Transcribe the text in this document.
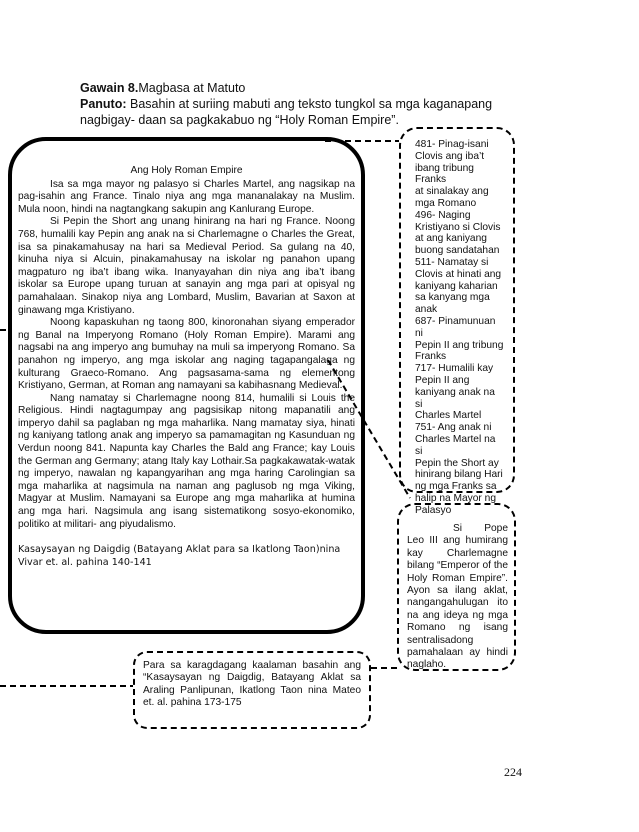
Gawain 8.Magbasa at Matuto
Panuto: Basahin at suriing mabuti ang teksto tungkol sa mga kaganapang
nagbigay- daan sa pagkakabuo ng “Holy Roman Empire”.
Ang Holy Roman Empire

Isa sa mga mayor ng palasyo si Charles Martel, ang nagsikap na pag-isahin ang France. Tinalo niya ang mga mananalakay na Muslim. Mula noon, hindi na nagtangkang sakupin ang Kanlurang Europe.

Si Pepin the Short ang unang hinirang na hari ng France. Noong 768, humalili kay Pepin ang anak na si Charlemagne o Charles the Great, isa sa pinakamahusay na hari sa Medieval Period. Sa gulang na 40, kinuha niya si Alcuin, pinakamahusay na iskolar ng panahon upang magpaturo ng iba’t ibang wika. Inanyayahan din niya ang iba’t ibang iskolar sa Europe upang turuan at sanayin ang mga pari at opisyal ng pamahalaan. Sinakop niya ang Lombard, Muslim, Bavarian at Saxon at ginawang mga Kristiyano.

Noong kapaskuhan ng taong 800, kinoronahan siyang emperador ng Banal na Imperyong Romano (Holy Roman Empire). Marami ang nagsabi na ang imperyo ang bumuhay na muli sa imperyong Romano. Sa panahon ng imperyo, ang mga iskolar ang naging tagapangalaga ng kulturang Graeco-Romano. Ang pagsasama-sama ng elementong Kristiyano, German, at Roman ang namayani sa kabihasnang Medieval.

Nang namatay si Charlemagne noong 814, humalili si Louis the Religious. Hindi nagtagumpay ang pagsisikap nitong mapanatili ang imperyo dahil sa paglaban ng mga maharlika. Nang mamatay siya, hinati ng kaniyang tatlong anak ang imperyo sa pamamagitan ng Kasunduan ng Verdun noong 841. Napunta kay Charles the Bald ang France; kay Louis the German ang Germany; atang Italy kay Lothair.Sa pagkakawatak-watak ng imperyo, nawalan ng kapangyarihan ang mga haring Carolingian sa mga maharlika at nagsimula na naman ang paglusob ng mga Viking, Magyar at Muslim. Namayani sa Europe ang mga maharlika at humina ang mga hari. Nagsimula ang isang sistematikong sosyo-ekonomiko, politiko at militari- ang piyudalismo.

Kasaysayan ng Daigdig (Batayang Aklat para sa Ikatlong Taon)nina
Vivar et. al. pahina 140-141
481- Pinag-isani
Clovis ang iba’t
ibang tribung Franks
at sinalakay ang
mga Romano
496- Naging
Kristiyano si Clovis
at ang kaniyang
buong sandatahan
511- Namatay si
Clovis at hinati ang
kaniyang kaharian
sa kanyang mga
anak
687- Pinamunuan ni
Pepin II ang tribung
Franks
717- Humalili kay
Pepin II ang
kaniyang anak na si
Charles Martel
751- Ang anak ni
Charles Martel na si
Pepin the Short ay
hinirang bilang Hari
ng mga Franks sa
halip na Mayor ng
Palasyo
Si Pope Leo III ang humirang kay Charlemagne bilang “Emperor of the Holy Roman Empire”. Ayon sa ilang aklat, nangangahulugan ito na ang ideya ng mga Romano ng isang sentralisadong pamahalaan ay hindi naglaho.
Para sa karagdagang kaalaman basahin ang “Kasaysayan ng Daigdig, Batayang Aklat sa Araling Panlipunan, Ikatlong Taon nina Mateo et. al. pahina 173-175
224
